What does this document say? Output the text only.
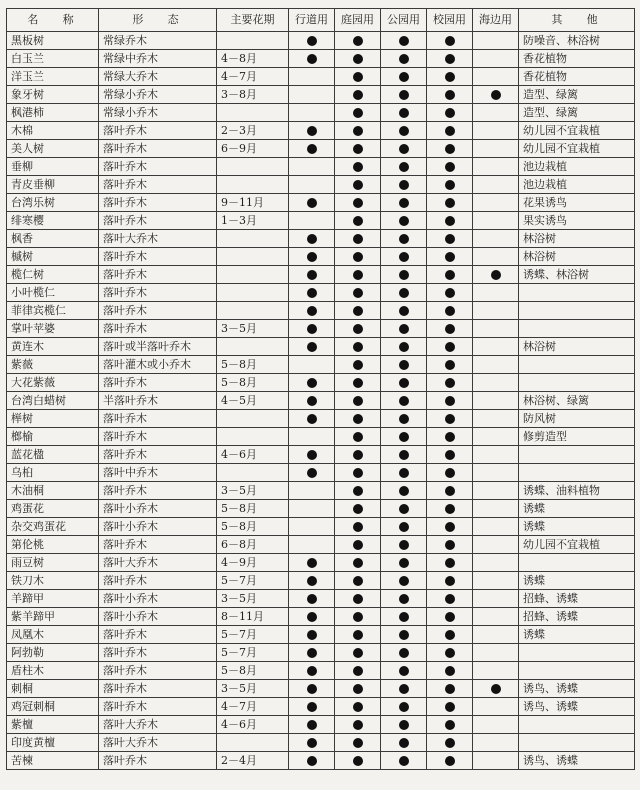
名　称	形　态	主要花期	行道用	庭园用	公园用	校园用	海边用	其　他
黑板树	常绿乔木							防噪音、林浴树
白玉兰	常绿中乔木	4－8月						香花植物
洋玉兰	常绿大乔木	4－7月						香花植物
象牙树	常绿小乔木	3－8月						造型、绿篱
枫港柿	常绿小乔木							造型、绿篱
木棉	落叶乔木	2－3月						幼儿园不宜栽植
美人树	落叶乔木	6－9月						幼儿园不宜栽植
垂柳	落叶乔木							池边栽植
青皮垂柳	落叶乔木							池边栽植
台湾乐树	落叶乔木	9－11月						花果诱鸟
绯寒樱	落叶乔木	1－3月						果实诱鸟
枫香	落叶大乔木							林浴树
槭树	落叶乔木							林浴树
榄仁树	落叶乔木							诱蝶、林浴树
小叶榄仁	落叶乔木							
菲律宾榄仁	落叶乔木							
掌叶苹婆	落叶乔木	3－5月						
黄连木	落叶或半落叶乔木							林浴树
紫薇	落叶灌木或小乔木	5－8月						
大花紫薇	落叶乔木	5－8月						
台湾白蜡树	半落叶乔木	4－5月						林浴树、绿篱
榉树	落叶乔木							防风树
榔榆	落叶乔木							修剪造型
蓝花楹	落叶乔木	4－6月						
乌桕	落叶中乔木							
木油桐	落叶乔木	3－5月						诱蝶、油料植物
鸡蛋花	落叶小乔木	5－8月						诱蝶
杂交鸡蛋花	落叶小乔木	5－8月						诱蝶
第伦桃	落叶乔木	6－8月						幼儿园不宜栽植
雨豆树	落叶大乔木	4－9月						
铁刀木	落叶乔木	5－7月						诱蝶
羊蹄甲	落叶小乔木	3－5月						招蜂、诱蝶
紫羊蹄甲	落叶小乔木	8－11月						招蜂、诱蝶
凤凰木	落叶乔木	5－7月						诱蝶
阿勃勒	落叶乔木	5－7月						
盾柱木	落叶乔木	5－8月						
刺桐	落叶乔木	3－5月						诱鸟、诱蝶
鸡冠刺桐	落叶乔木	4－7月						诱鸟、诱蝶
紫檀	落叶大乔木	4－6月						
印度黄檀	落叶大乔木							
苦楝	落叶乔木	2－4月						诱鸟、诱蝶
